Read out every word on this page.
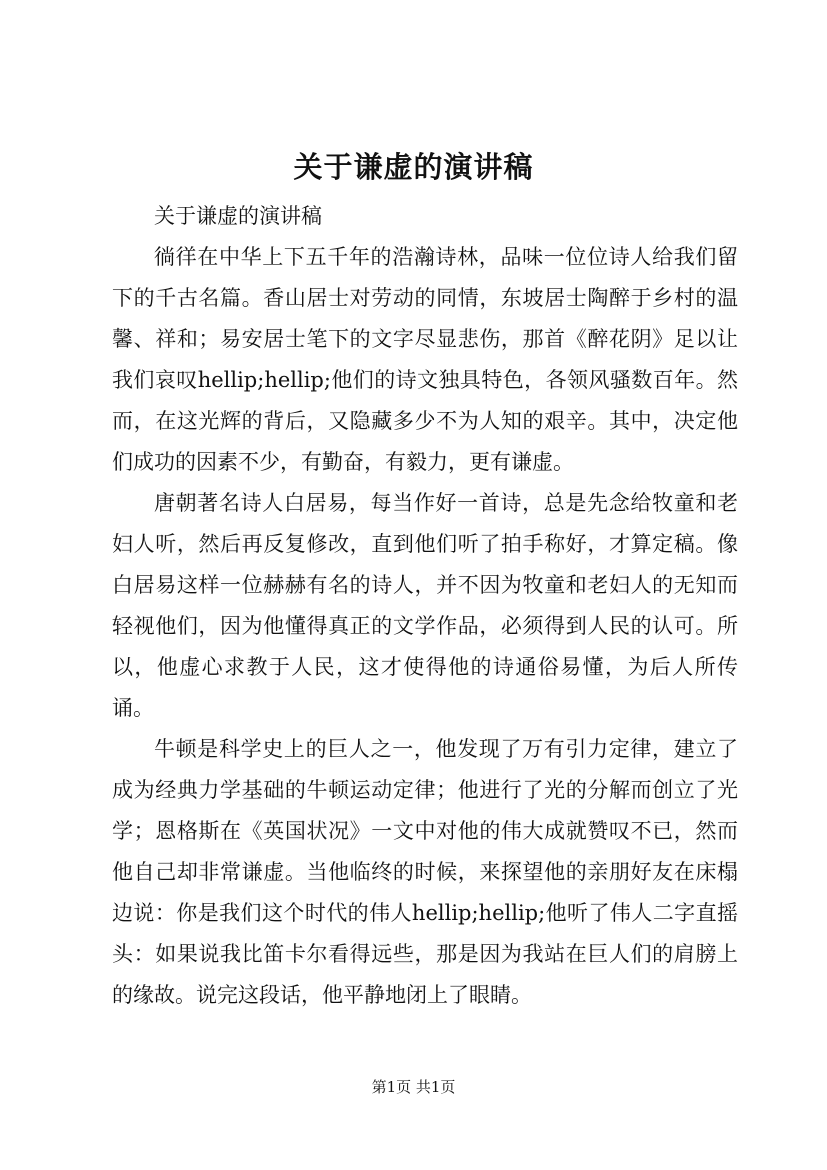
关于谦虚的演讲稿

关于谦虚的演讲稿

徜徉在中华上下五千年的浩瀚诗林，品味一位位诗人给我们留下的千古名篇。香山居士对劳动的同情，东坡居士陶醉于乡村的温馨、祥和；易安居士笔下的文字尽显悲伤，那首《醉花阴》足以让我们哀叹hellip;hellip;他们的诗文独具特色，各领风骚数百年。然而，在这光辉的背后，又隐藏多少不为人知的艰辛。其中，决定他们成功的因素不少，有勤奋，有毅力，更有谦虚。

唐朝著名诗人白居易，每当作好一首诗，总是先念给牧童和老妇人听，然后再反复修改，直到他们听了拍手称好，才算定稿。像白居易这样一位赫赫有名的诗人，并不因为牧童和老妇人的无知而轻视他们，因为他懂得真正的文学作品，必须得到人民的认可。所以，他虚心求教于人民，这才使得他的诗通俗易懂，为后人所传诵。

牛顿是科学史上的巨人之一，他发现了万有引力定律，建立了成为经典力学基础的牛顿运动定律；他进行了光的分解而创立了光学；恩格斯在《英国状况》一文中对他的伟大成就赞叹不已，然而他自己却非常谦虚。当他临终的时候，来探望他的亲朋好友在床榻边说：你是我们这个时代的伟人hellip;hellip;他听了伟人二字直摇头：如果说我比笛卡尔看得远些，那是因为我站在巨人们的肩膀上的缘故。说完这段话，他平静地闭上了眼睛。

第1页 共1页
